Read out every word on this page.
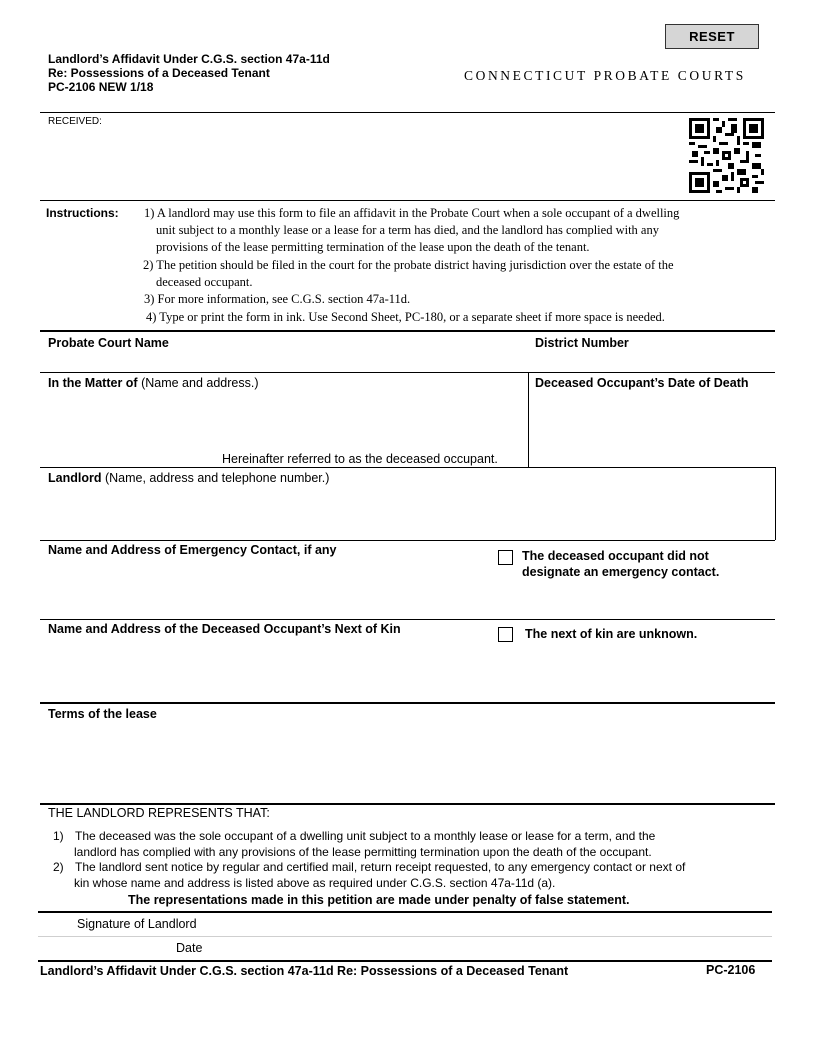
RESET
Landlord’s Affidavit Under C.G.S. section 47a-11d
Re: Possessions of a Deceased Tenant
PC-2106 NEW 1/18
CONNECTICUT PROBATE COURTS
RECEIVED:
Instructions: 1) A landlord may use this form to file an affidavit in the Probate Court when a sole occupant of a dwelling
unit subject to a monthly lease or a lease for a term has died, and the landlord has complied with any
provisions of the lease permitting termination of the lease upon the death of the tenant.
2) The petition should be filed in the court for the probate district having jurisdiction over the estate of the
deceased occupant.
3) For more information, see C.G.S. section 47a-11d.
4) Type or print the form in ink. Use Second Sheet, PC-180, or a separate sheet if more space is needed.
Probate Court Name	District Number
In the Matter of (Name and address.)	Deceased Occupant’s Date of Death
Hereinafter referred to as the deceased occupant.
Landlord (Name, address and telephone number.)
Name and Address of Emergency Contact, if any	The deceased occupant did not
designate an emergency contact.
Name and Address of the Deceased Occupant’s Next of Kin	The next of kin are unknown.
Terms of the lease
THE LANDLORD REPRESENTS THAT:
1) The deceased was the sole occupant of a dwelling unit subject to a monthly lease or lease for a term, and the
landlord has complied with any provisions of the lease permitting termination upon the death of the occupant.
2) The landlord sent notice by regular and certified mail, return receipt requested, to any emergency contact or next of
kin whose name and address is listed above as required under C.G.S. section 47a-11d (a).
The representations made in this petition are made under penalty of false statement.
Signature of Landlord
Date
Landlord’s Affidavit Under C.G.S. section 47a-11d Re: Possessions of a Deceased Tenant	PC-2106
